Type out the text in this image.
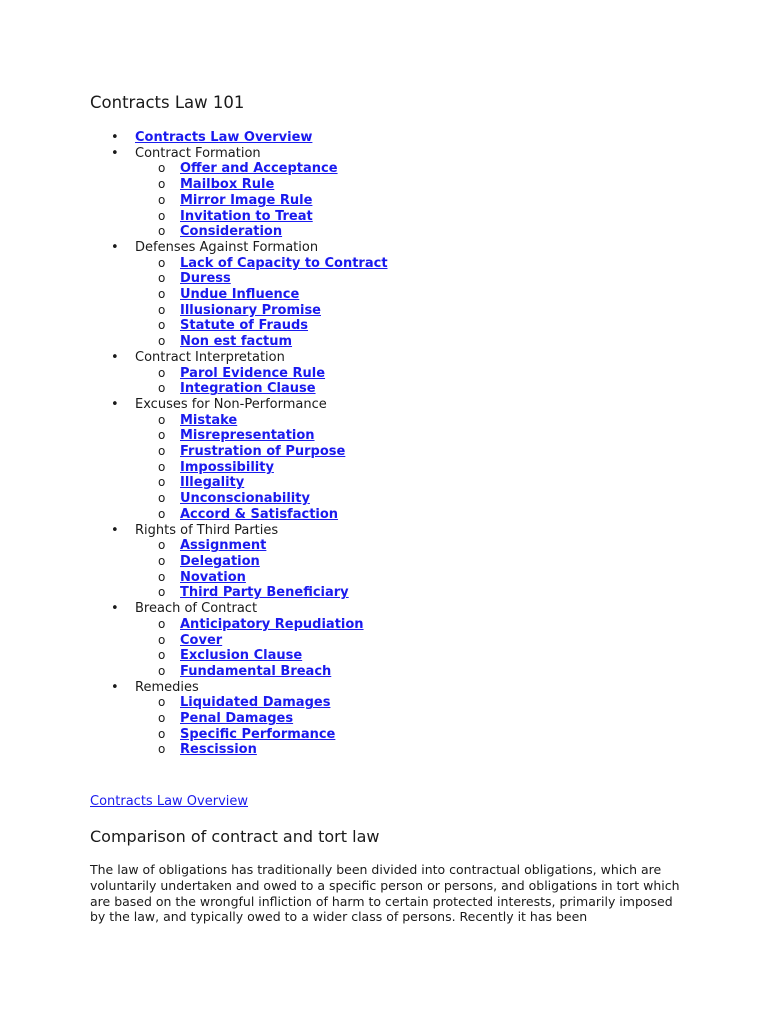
Contracts Law 101
• Contracts Law Overview
• Contract Formation
o Offer and Acceptance
o Mailbox Rule
o Mirror Image Rule
o Invitation to Treat
o Consideration
• Defenses Against Formation
o Lack of Capacity to Contract
o Duress
o Undue Influence
o Illusionary Promise
o Statute of Frauds
o Non est factum
• Contract Interpretation
o Parol Evidence Rule
o Integration Clause
• Excuses for Non-Performance
o Mistake
o Misrepresentation
o Frustration of Purpose
o Impossibility
o Illegality
o Unconscionability
o Accord & Satisfaction
• Rights of Third Parties
o Assignment
o Delegation
o Novation
o Third Party Beneficiary
• Breach of Contract
o Anticipatory Repudiation
o Cover
o Exclusion Clause
o Fundamental Breach
• Remedies
o Liquidated Damages
o Penal Damages
o Specific Performance
o Rescission
Contracts Law Overview
Comparison of contract and tort law

The law of obligations has traditionally been divided into contractual obligations, which are voluntarily undertaken and owed to a specific person or persons, and obligations in tort which are based on the wrongful infliction of harm to certain protected interests, primarily imposed by the law, and typically owed to a wider class of persons. Recently it has been
